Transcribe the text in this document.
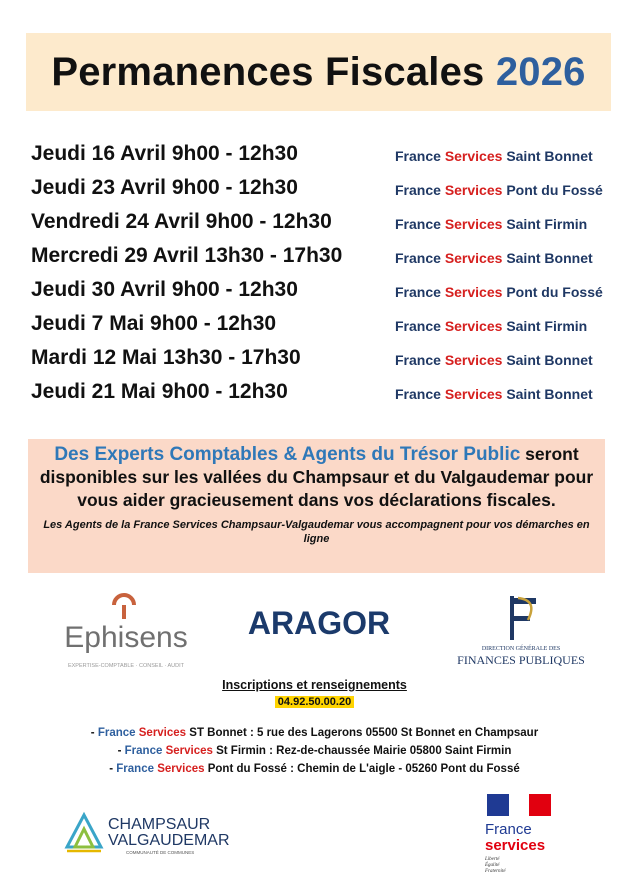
Permanences Fiscales 2026
Jeudi 16 Avril 9h00 - 12h30	France Services Saint Bonnet
Jeudi 23 Avril 9h00 - 12h30	France Services Pont du Fossé
Vendredi 24 Avril 9h00 - 12h30	France Services Saint Firmin
Mercredi 29 Avril 13h30 - 17h30	France Services Saint Bonnet
Jeudi 30 Avril 9h00 - 12h30	France Services Pont du Fossé
Jeudi 7 Mai 9h00 - 12h30	France Services Saint Firmin
Mardi 12 Mai 13h30 - 17h30	France Services Saint Bonnet
Jeudi 21 Mai 9h00 - 12h30	France Services Saint Bonnet
Des Experts Comptables & Agents du Trésor Public seront disponibles sur les vallées du Champsaur et du Valgaudemar pour vous aider gracieusement dans vos déclarations fiscales.
Les Agents de la France Services Champsaur-Valgaudemar vous accompagnent pour vos démarches en ligne
Ephisens
EXPERTISE-COMPTABLE · CONSEIL · AUDIT
ARAGOR
DIRECTION GÉNÉRALE DES
FINANCES PUBLIQUES
Inscriptions et renseignements
04.92.50.00.20
- France Services ST Bonnet : 5 rue des Lagerons 05500 St Bonnet en Champsaur
- France Services St Firmin : Rez-de-chaussée Mairie 05800 Saint Firmin
- France Services Pont du Fossé : Chemin de L'aigle - 05260 Pont du Fossé
CHAMPSAUR
VALGAUDEMAR
COMMUNAUTÉ DE COMMUNES
France
services
Liberté
Égalité
Fraternité
